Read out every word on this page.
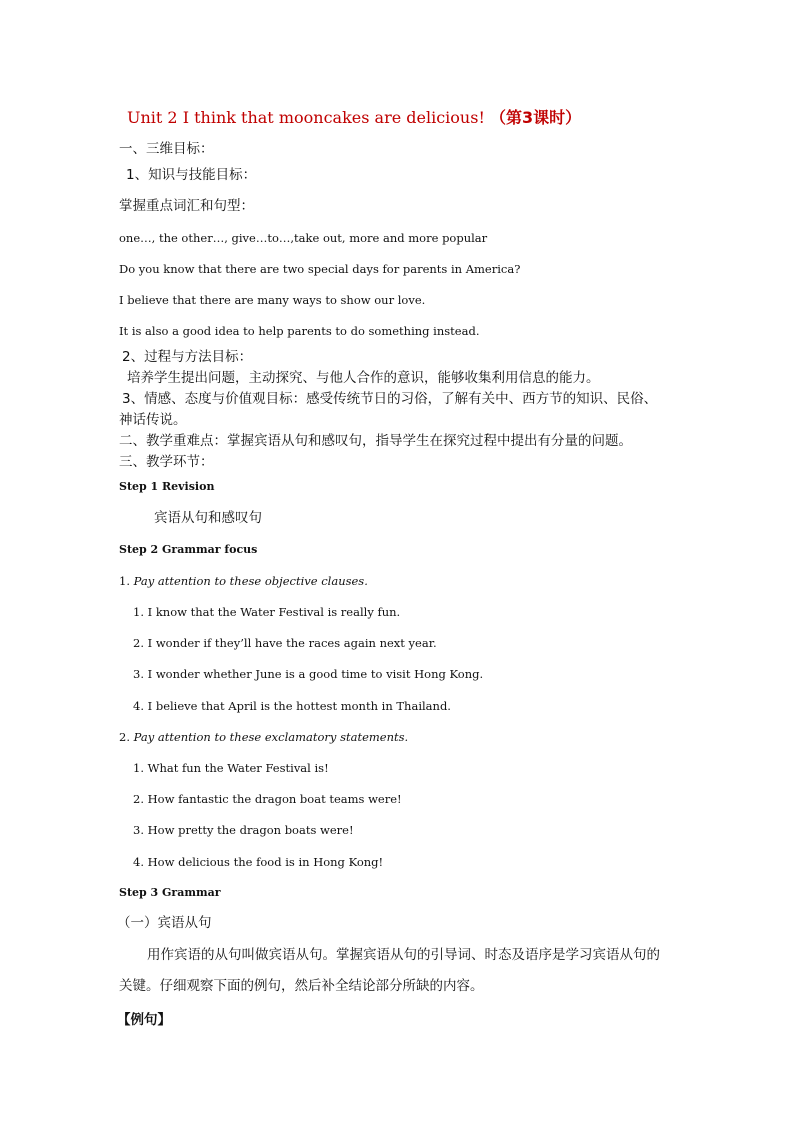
Unit 2 I think that mooncakes are delicious! （第3课时）
一、三维目标：
1、知识与技能目标：
掌握重点词汇和句型：
one…, the other…, give…to…,take out, more and more popular
Do you know that there are two special days for parents in America?
I believe that there are many ways to show our love.
It is also a good idea to help parents to do something instead.
2、过程与方法目标：
培养学生提出问题，主动探究、与他人合作的意识，能够收集利用信息的能力。
3、情感、态度与价值观目标：感受传统节日的习俗，了解有关中、西方节的知识、民俗、
神话传说。
二、教学重难点：掌握宾语从句和感叹句，指导学生在探究过程中提出有分量的问题。
三、教学环节：
Step 1 Revision
宾语从句和感叹句
Step 2 Grammar focus
1. Pay attention to these objective clauses.
1. I know that the Water Festival is really fun.
2. I wonder if they’ll have the races again next year.
3. I wonder whether June is a good time to visit Hong Kong.
4. I believe that April is the hottest month in Thailand.
2. Pay attention to these exclamatory statements.
1. What fun the Water Festival is!
2. How fantastic the dragon boat teams were!
3. How pretty the dragon boats were!
4. How delicious the food is in Hong Kong!
Step 3 Grammar
（一）宾语从句
用作宾语的从句叫做宾语从句。掌握宾语从句的引导词、时态及语序是学习宾语从句的
关键。仔细观察下面的例句，然后补全结论部分所缺的内容。
【例句】
